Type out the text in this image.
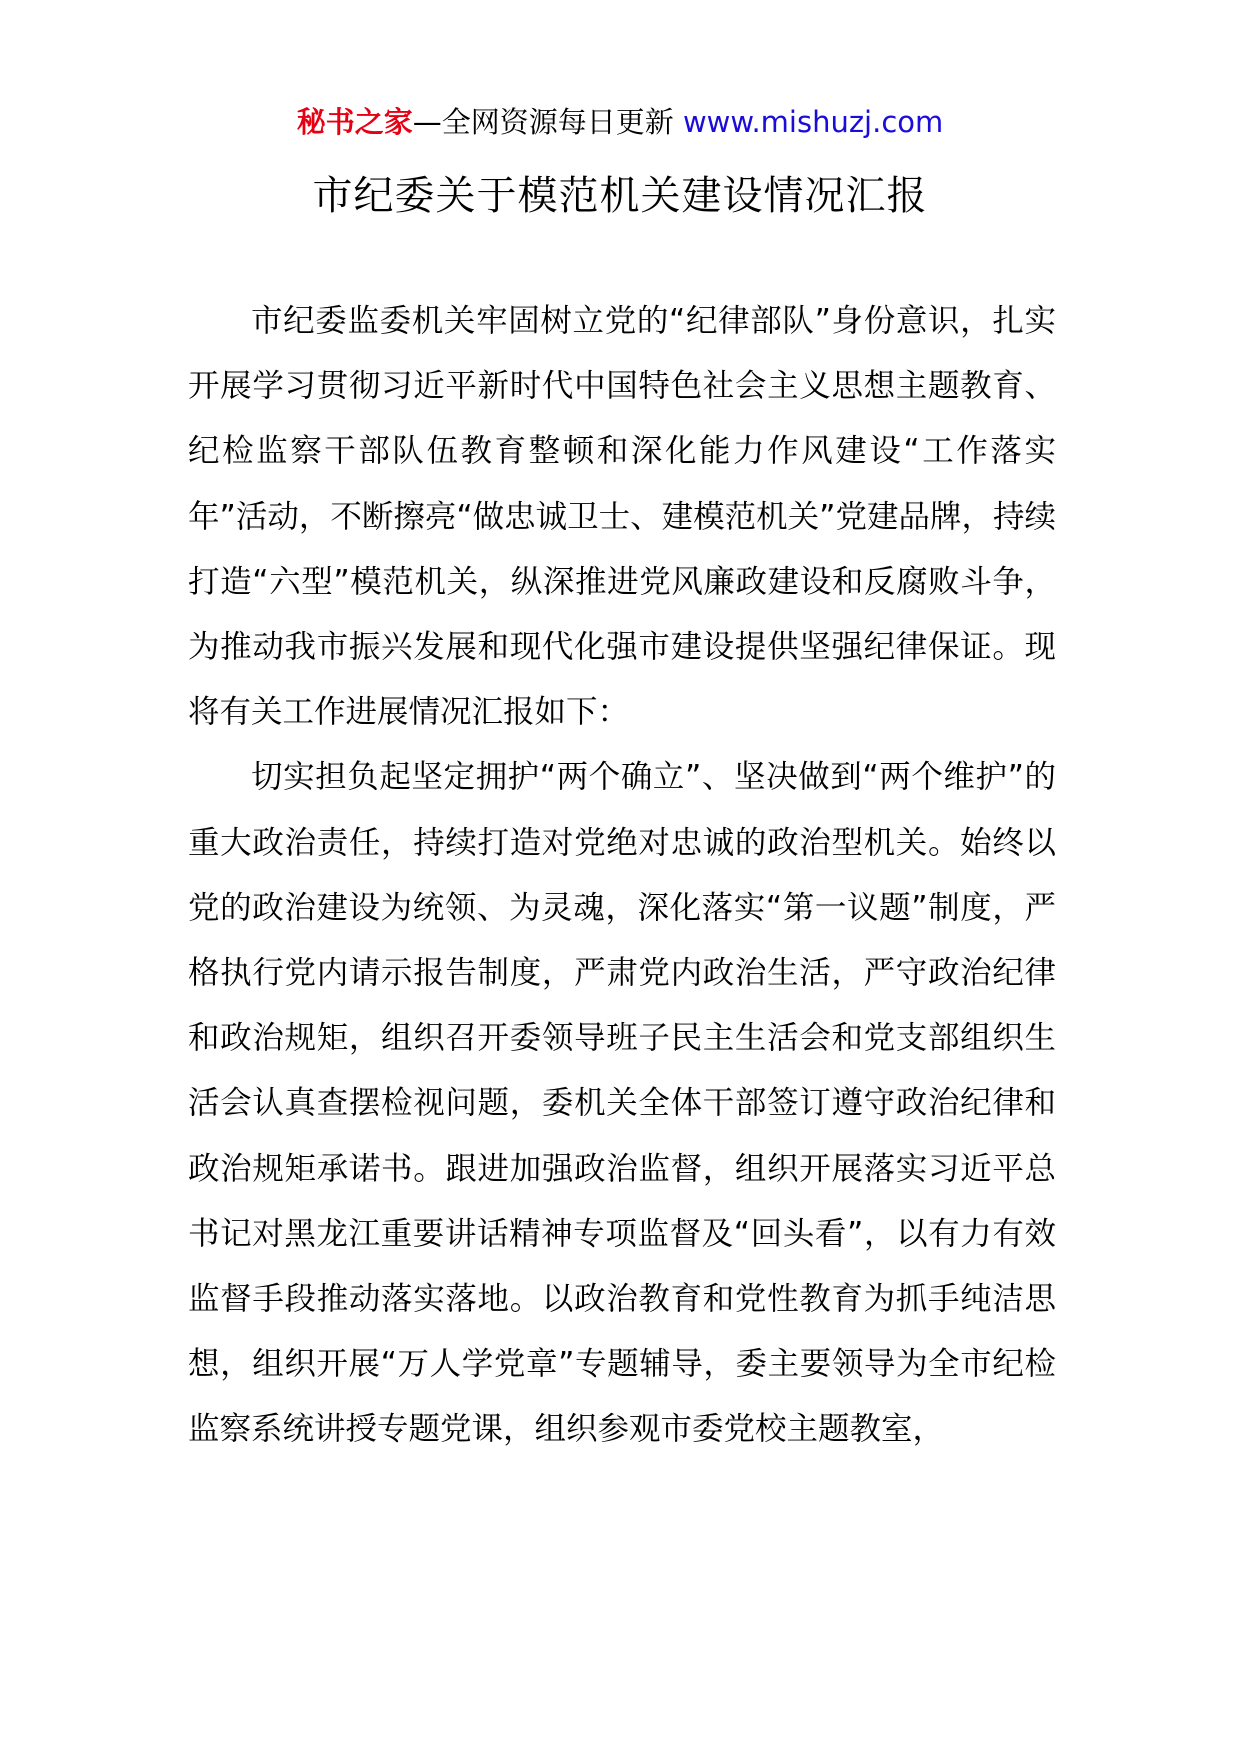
秘书之家—全网资源每日更新 www.mishuzj.com
市纪委关于模范机关建设情况汇报

市纪委监委机关牢固树立党的“纪律部队”身份意识，扎实开展学习贯彻习近平新时代中国特色社会主义思想主题教育、纪检监察干部队伍教育整顿和深化能力作风建设“工作落实年”活动，不断擦亮“做忠诚卫士、建模范机关”党建品牌，持续打造“六型”模范机关，纵深推进党风廉政建设和反腐败斗争，为推动我市振兴发展和现代化强市建设提供坚强纪律保证。现将有关工作进展情况汇报如下：

切实担负起坚定拥护“两个确立”、坚决做到“两个维护”的重大政治责任，持续打造对党绝对忠诚的政治型机关。始终以党的政治建设为统领、为灵魂，深化落实“第一议题”制度，严格执行党内请示报告制度，严肃党内政治生活，严守政治纪律和政治规矩，组织召开委领导班子民主生活会和党支部组织生活会认真查摆检视问题，委机关全体干部签订遵守政治纪律和政治规矩承诺书。跟进加强政治监督，组织开展落实习近平总书记对黑龙江重要讲话精神专项监督及“回头看”，以有力有效监督手段推动落实落地。以政治教育和党性教育为抓手纯洁思想，组织开展“万人学党章”专题辅导，委主要领导为全市纪检监察系统讲授专题党课，组织参观市委党校主题教室，
